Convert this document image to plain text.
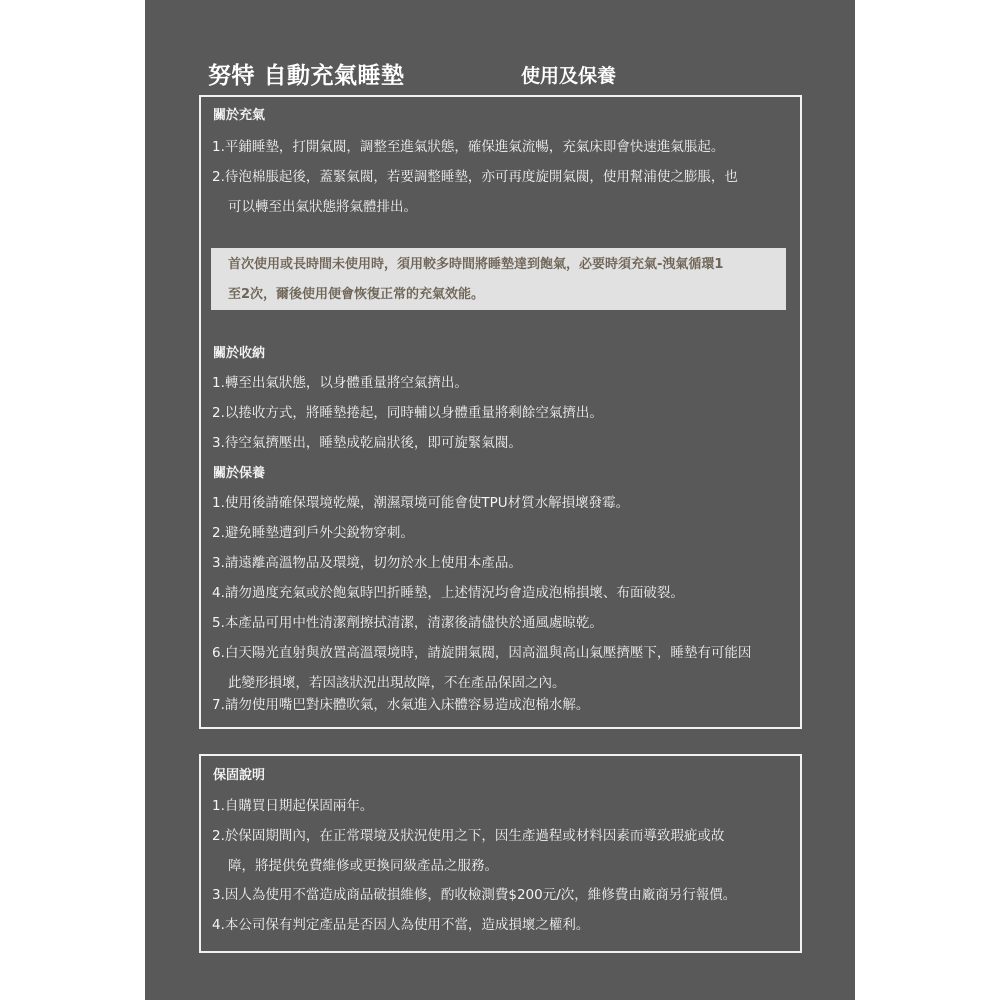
努特 自動充氣睡墊	使用及保養
關於充氣
1.平鋪睡墊，打開氣閥，調整至進氣狀態，確保進氣流暢，充氣床即會快速進氣脹起。
2.待泡棉脹起後，蓋緊氣閥，若要調整睡墊，亦可再度旋開氣閥，使用幫浦使之膨脹，也
可以轉至出氣狀態將氣體排出。
首次使用或長時間未使用時，須用較多時間將睡墊達到飽氣，必要時須充氣-洩氣循環1
至2次，爾後使用便會恢復正常的充氣效能。
關於收納
1.轉至出氣狀態，以身體重量將空氣擠出。
2.以捲收方式，將睡墊捲起，同時輔以身體重量將剩餘空氣擠出。
3.待空氣擠壓出，睡墊成乾扁狀後，即可旋緊氣閥。
關於保養
1.使用後請確保環境乾燥，潮濕環境可能會使TPU材質水解損壞發霉。
2.避免睡墊遭到戶外尖銳物穿刺。
3.請遠離高溫物品及環境，切勿於水上使用本產品。
4.請勿過度充氣或於飽氣時凹折睡墊，上述情況均會造成泡棉損壞、布面破裂。
5.本產品可用中性清潔劑擦拭清潔，清潔後請儘快於通風處晾乾。
6.白天陽光直射與放置高溫環境時，請旋開氣閥，因高溫與高山氣壓擠壓下，睡墊有可能因
此變形損壞，若因該狀況出現故障，不在產品保固之內。
7.請勿使用嘴巴對床體吹氣，水氣進入床體容易造成泡棉水解。
保固說明
1.自購買日期起保固兩年。
2.於保固期間內，在正常環境及狀況使用之下，因生產過程或材料因素而導致瑕疵或故
障，將提供免費維修或更換同級產品之服務。
3.因人為使用不當造成商品破損維修，酌收檢測費$200元/次，維修費由廠商另行報價。
4.本公司保有判定產品是否因人為使用不當，造成損壞之權利。
